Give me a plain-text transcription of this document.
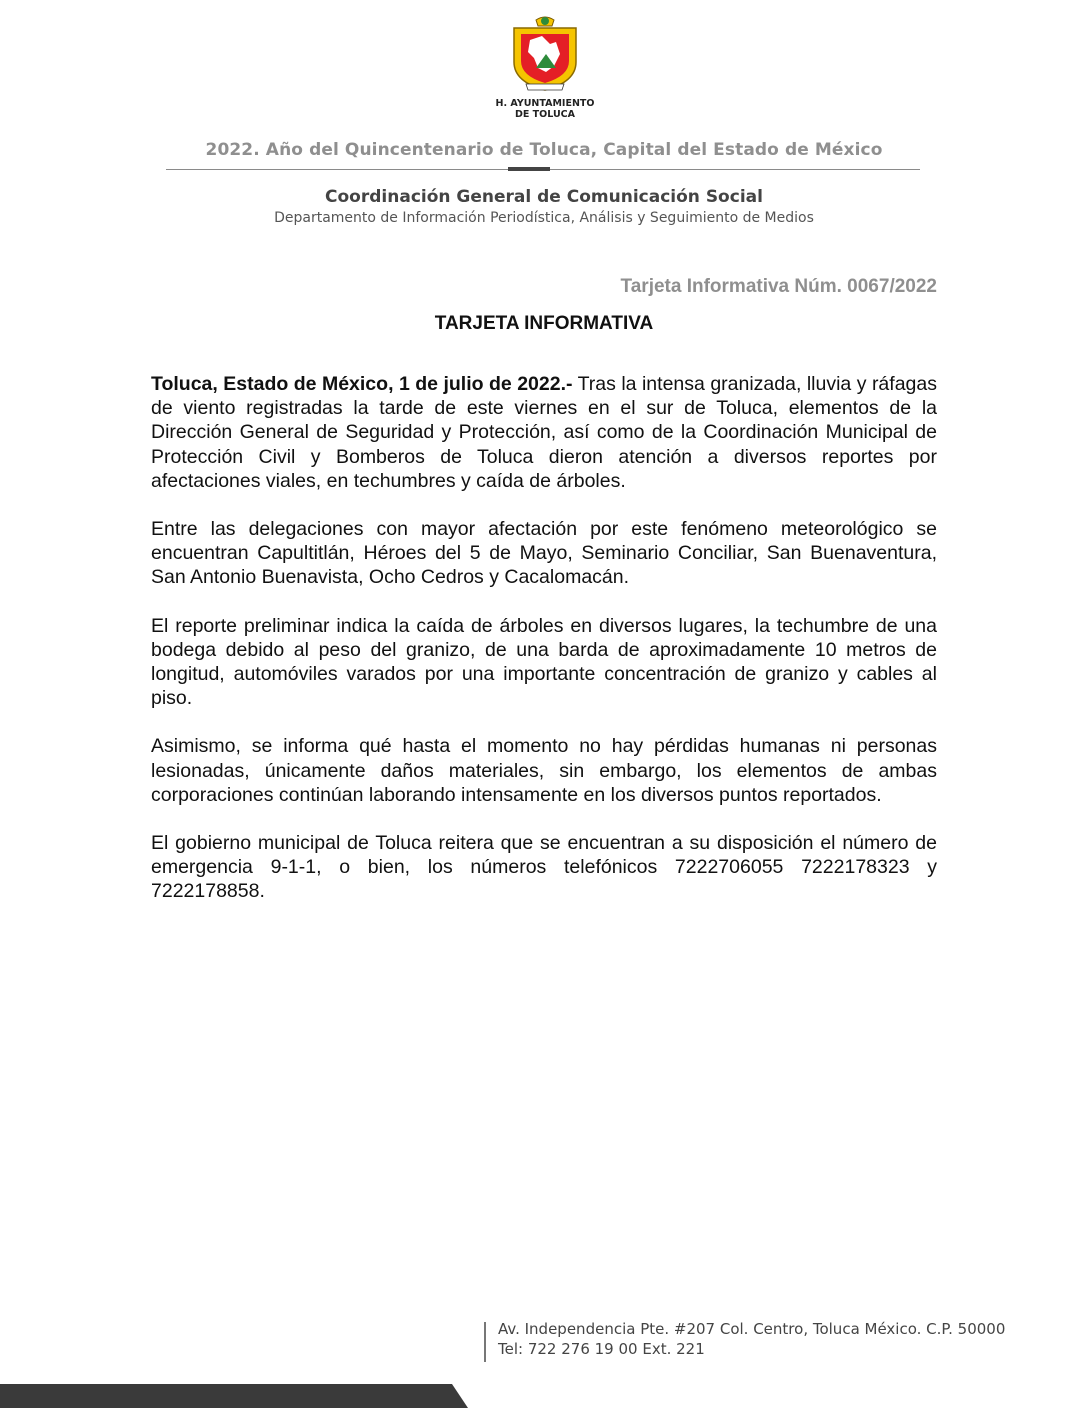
H. AYUNTAMIENTO
DE TOLUCA
2022. Año del Quincentenario de Toluca, Capital del Estado de México
Coordinación General de Comunicación Social
Departamento de Información Periodística, Análisis y Seguimiento de Medios
Tarjeta Informativa Núm. 0067/2022
TARJETA INFORMATIVA

Toluca, Estado de México, 1 de julio de 2022.- Tras la intensa granizada, lluvia y ráfagas de viento registradas la tarde de este viernes en el sur de Toluca, elementos de la Dirección General de Seguridad y Protección, así como de la Coordinación Municipal de Protección Civil y Bomberos de Toluca dieron atención a diversos reportes por afectaciones viales, en techumbres y caída de árboles.

Entre las delegaciones con mayor afectación por este fenómeno meteorológico se encuentran Capultitlán, Héroes del 5 de Mayo, Seminario Conciliar, San Buenaventura, San Antonio Buenavista, Ocho Cedros y Cacalomacán.

El reporte preliminar indica la caída de árboles en diversos lugares, la techumbre de una bodega debido al peso del granizo, de una barda de aproximadamente 10 metros de longitud, automóviles varados por una importante concentración de granizo y cables al piso.

Asimismo, se informa qué hasta el momento no hay pérdidas humanas ni personas lesionadas, únicamente daños materiales, sin embargo, los elementos de ambas corporaciones continúan laborando intensamente en los diversos puntos reportados.

El gobierno municipal de Toluca reitera que se encuentran a su disposición el número de emergencia 9-1-1, o bien, los números telefónicos 7222706055 7222178323 y 7222178858.

Av. Independencia Pte. #207 Col. Centro, Toluca México. C.P. 50000
Tel: 722 276 19 00 Ext. 221
